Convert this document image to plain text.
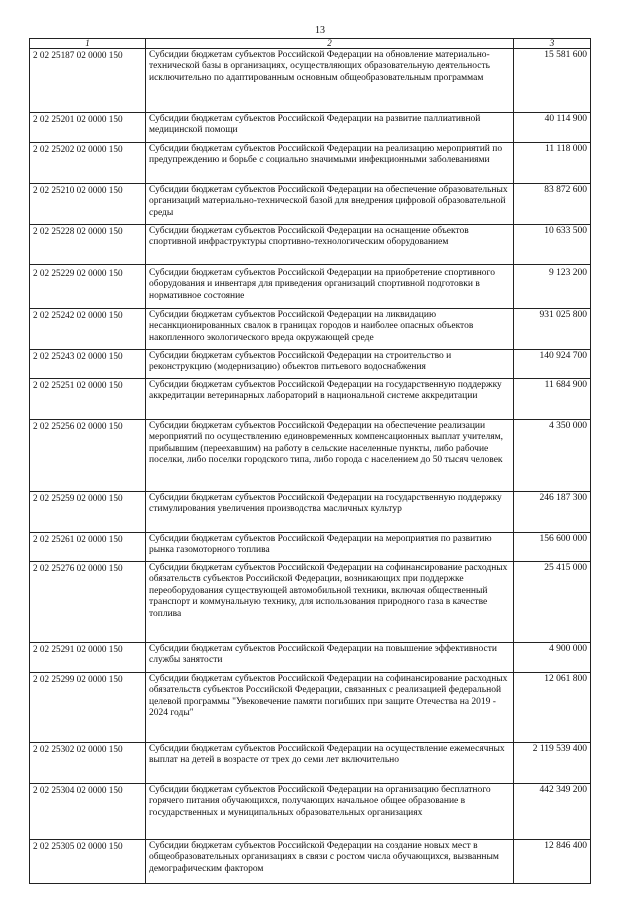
13
1	2	3
2 02 25187 02 0000 150	Субсидии бюджетам субъектов Российской Федерации на обновление материально-технической базы в организациях, осуществляющих образовательную деятельность исключительно по адаптированным основным общеобразовательным программам	15 581 600
2 02 25201 02 0000 150	Субсидии бюджетам субъектов Российской Федерации на развитие паллиативной медицинской помощи	40 114 900
2 02 25202 02 0000 150	Субсидии бюджетам субъектов Российской Федерации на реализацию мероприятий по предупреждению и борьбе с социально значимыми инфекционными заболеваниями	11 118 000
2 02 25210 02 0000 150	Субсидии бюджетам субъектов Российской Федерации на обеспечение образовательных организаций материально-технической базой для внедрения цифровой образовательной среды	83 872 600
2 02 25228 02 0000 150	Субсидии бюджетам субъектов Российской Федерации на оснащение объектов спортивной инфраструктуры спортивно-технологическим оборудованием	10 633 500
2 02 25229 02 0000 150	Субсидии бюджетам субъектов Российской Федерации на приобретение спортивного оборудования и инвентаря для приведения организаций спортивной подготовки в нормативное состояние	9 123 200
2 02 25242 02 0000 150	Субсидии бюджетам субъектов Российской Федерации на ликвидацию несанкционированных свалок в границах городов и наиболее опасных объектов накопленного экологического вреда окружающей среде	931 025 800
2 02 25243 02 0000 150	Субсидии бюджетам субъектов Российской Федерации на строительство и реконструкцию (модернизацию) объектов питьевого водоснабжения	140 924 700
2 02 25251 02 0000 150	Субсидии бюджетам субъектов Российской Федерации на государственную поддержку аккредитации ветеринарных лабораторий в национальной системе аккредитации	11 684 900
2 02 25256 02 0000 150	Субсидии бюджетам субъектов Российской Федерации на обеспечение реализации мероприятий по осуществлению единовременных компенсационных выплат учителям, прибывшим (переехавшим) на работу в сельские населенные пункты, либо рабочие поселки, либо поселки городского типа, либо города с населением до 50 тысяч человек	4 350 000
2 02 25259 02 0000 150	Субсидии бюджетам субъектов Российской Федерации на государственную поддержку стимулирования увеличения производства масличных культур	246 187 300
2 02 25261 02 0000 150	Субсидии бюджетам субъектов Российской Федерации на мероприятия по развитию рынка газомоторного топлива	156 600 000
2 02 25276 02 0000 150	Субсидии бюджетам субъектов Российской Федерации на софинансирование расходных обязательств субъектов Российской Федерации, возникающих при поддержке переоборудования существующей автомобильной техники, включая общественный транспорт и коммунальную технику, для использования природного газа в качестве топлива	25 415 000
2 02 25291 02 0000 150	Субсидии бюджетам субъектов Российской Федерации на повышение эффективности службы занятости	4 900 000
2 02 25299 02 0000 150	Субсидии бюджетам субъектов Российской Федерации на софинансирование расходных обязательств субъектов Российской Федерации, связанных с реализацией федеральной целевой программы "Увековечение памяти погибших при защите Отечества на 2019 - 2024 годы"	12 061 800
2 02 25302 02 0000 150	Субсидии бюджетам субъектов Российской Федерации на осуществление ежемесячных выплат на детей в возрасте от трех до семи лет включительно	2 119 539 400
2 02 25304 02 0000 150	Субсидии бюджетам субъектов Российской Федерации на организацию бесплатного горячего питания обучающихся, получающих начальное общее образование в государственных и муниципальных образовательных организациях	442 349 200
2 02 25305 02 0000 150	Субсидии бюджетам субъектов Российской Федерации на создание новых мест в общеобразовательных организациях в связи с ростом числа обучающихся, вызванным демографическим фактором	12 846 400
